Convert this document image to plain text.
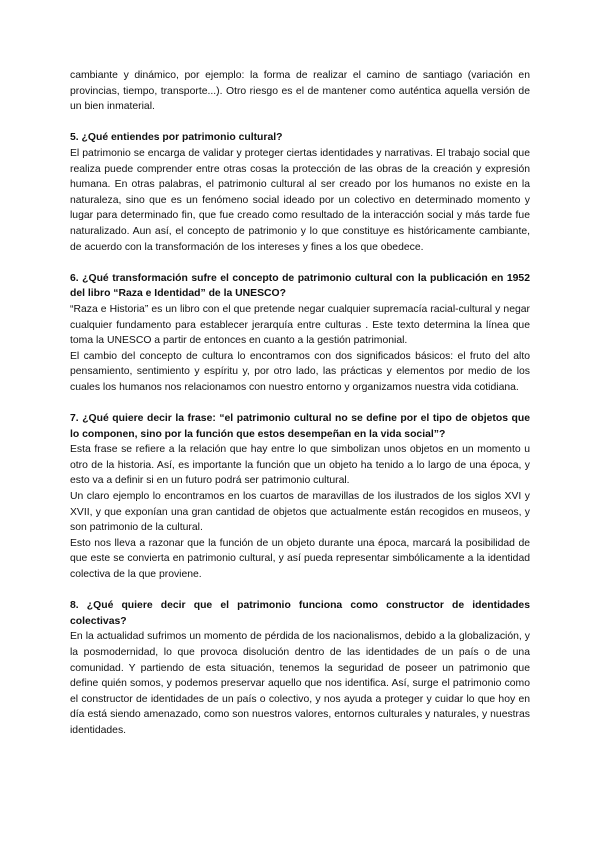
cambiante y dinámico, por ejemplo: la forma de realizar el camino de santiago (variación en provincias, tiempo, transporte...). Otro riesgo es el de mantener como auténtica aquella versión de un bien inmaterial.

5. ¿Qué entiendes por patrimonio cultural?

El patrimonio se encarga de validar y proteger ciertas identidades y narrativas. El trabajo social que realiza puede comprender entre otras cosas la protección de las obras de la creación y expresión humana. En otras palabras, el patrimonio cultural al ser creado por los humanos no existe en la naturaleza, sino que es un fenómeno social ideado por un colectivo en determinado momento y lugar para determinado fin, que fue creado como resultado de la interacción social y más tarde fue naturalizado. Aun así, el concepto de patrimonio y lo que constituye es históricamente cambiante, de acuerdo con la transformación de los intereses y fines a los que obedece.

6. ¿Qué transformación sufre el concepto de patrimonio cultural con la publicación en 1952 del libro “Raza e Identidad” de la UNESCO?

“Raza e Historia” es un libro con el que pretende negar cualquier supremacía racial-cultural y negar cualquier fundamento para establecer jerarquía entre culturas . Este texto determina la línea que toma la UNESCO a partir de entonces en cuanto a la gestión patrimonial.

El cambio del concepto de cultura lo encontramos con dos significados básicos: el fruto del alto pensamiento, sentimiento y espíritu y, por otro lado, las prácticas y elementos por medio de los cuales los humanos nos relacionamos con nuestro entorno y organizamos nuestra vida cotidiana.

7. ¿Qué quiere decir la frase: “el patrimonio cultural no se define por el tipo de objetos que lo componen, sino por la función que estos desempeñan en la vida social”?

Esta frase se refiere a la relación que hay entre lo que simbolizan unos objetos en un momento u otro de la historia. Así, es importante la función que un objeto ha tenido a lo largo de una época, y esto va a definir si en un futuro podrá ser patrimonio cultural.

Un claro ejemplo lo encontramos en los cuartos de maravillas de los ilustrados de los siglos XVI y XVII, y que exponían una gran cantidad de objetos que actualmente están recogidos en museos, y son patrimonio de la cultural.

Esto nos lleva a razonar que la función de un objeto durante una época, marcará la posibilidad de que este se convierta en patrimonio cultural, y así pueda representar simbólicamente a la identidad colectiva de la que proviene.

8. ¿Qué quiere decir que el patrimonio funciona como constructor de identidades colectivas?

En la actualidad sufrimos un momento de pérdida de los nacionalismos, debido a la globalización, y la posmodernidad, lo que provoca disolución dentro de las identidades de un país o de una comunidad. Y partiendo de esta situación, tenemos la seguridad de poseer un patrimonio que define quién somos, y podemos preservar aquello que nos identifica. Así, surge el patrimonio como el constructor de identidades de un país o colectivo, y nos ayuda a proteger y cuidar lo que hoy en día está siendo amenazado, como son nuestros valores, entornos culturales y naturales, y nuestras identidades.
